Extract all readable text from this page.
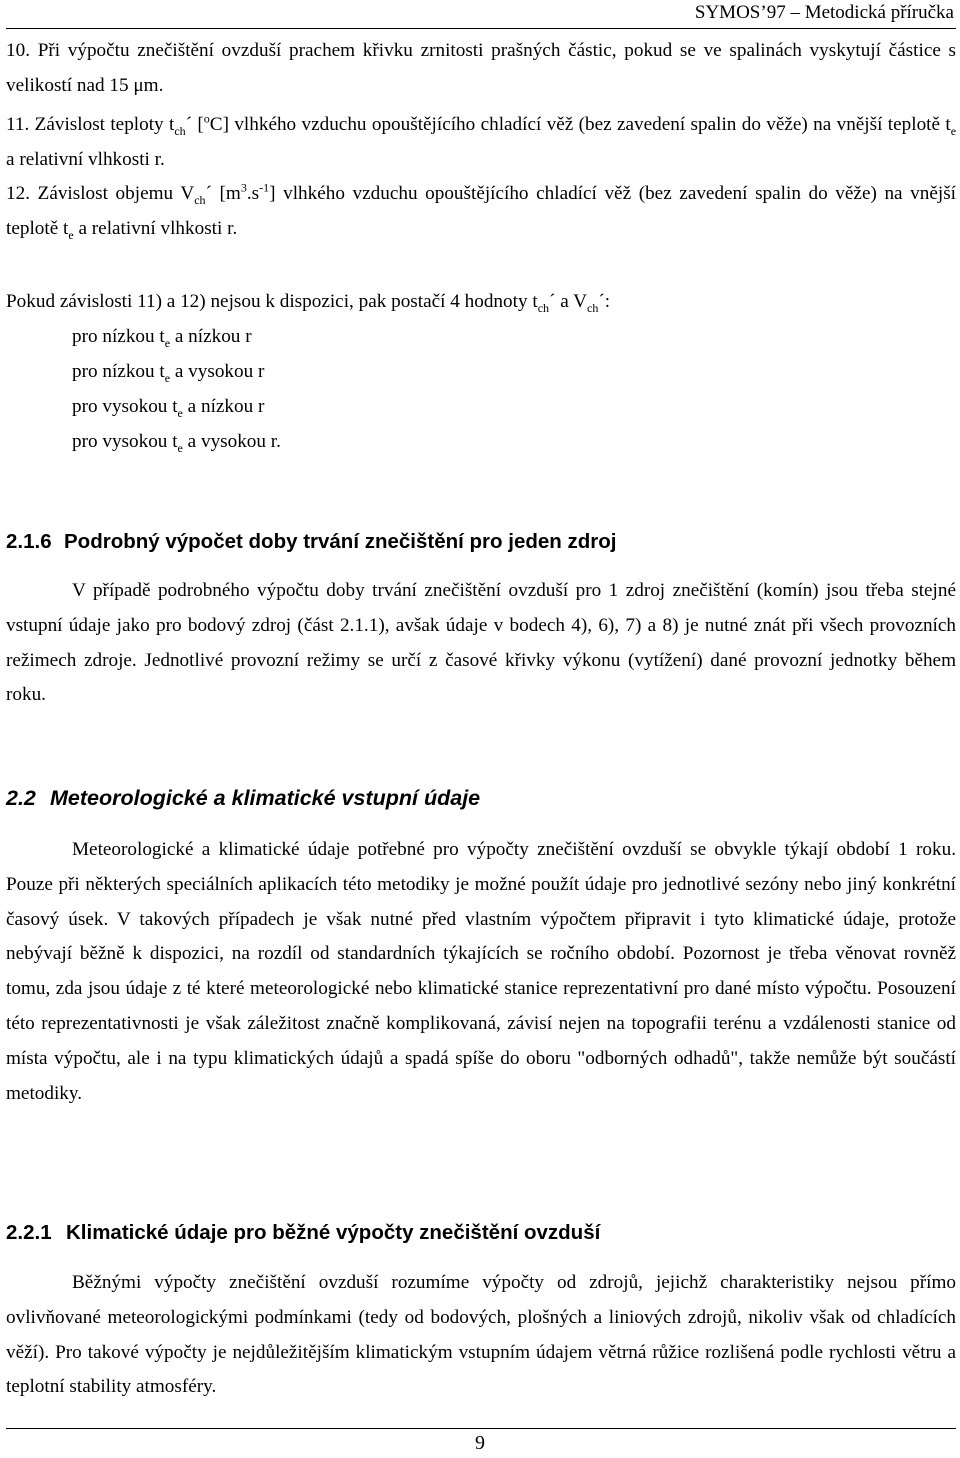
SYMOS’97 – Metodická příručka
10. Při výpočtu znečištění ovzduší prachem křivku zrnitosti prašných částic, pokud se ve spalinách vyskytují částice s velikostí nad 15 μm.
11. Závislost teploty $t_{ch}´$ [$^o$C] vlhkého vzduchu opouštějícího chladící věž (bez zavedení spalin do věže) na vnější teplotě $t_e$ a relativní vlhkosti r.
12. Závislost objemu $V_{ch}´$ $[m^3.s^{-1}]$ vlhkého vzduchu opouštějícího chladící věž (bez zavedení spalin do věže) na vnější teplotě $t_e$ a relativní vlhkosti r.
Pokud závislosti 11) a 12) nejsou k dispozici, pak postačí 4 hodnoty $t_{ch}´$ a $V_{ch}´$:
pro nízkou $t_e$ a nízkou r
pro nízkou $t_e$ a vysokou r
pro vysokou $t_e$ a nízkou r
pro vysokou $t_e$ a vysokou r.
2.1.6 Podrobný výpočet doby trvání znečištění pro jeden zdroj
V případě podrobného výpočtu doby trvání znečištění ovzduší pro 1 zdroj znečištění (komín) jsou třeba stejné vstupní údaje jako pro bodový zdroj (část 2.1.1), avšak údaje v bodech 4), 6), 7) a 8) je nutné znát při všech provozních režimech zdroje. Jednotlivé provozní režimy se určí z časové křivky výkonu (vytížení) dané provozní jednotky během roku.
2.2 Meteorologické a klimatické vstupní údaje
Meteorologické a klimatické údaje potřebné pro výpočty znečištění ovzduší se obvykle týkají období 1 roku. Pouze při některých speciálních aplikacích této metodiky je možné použít údaje pro jednotlivé sezóny nebo jiný konkrétní časový úsek. V takových případech je však nutné před vlastním výpočtem připravit i tyto klimatické údaje, protože nebývají běžně k dispozici, na rozdíl od standardních týkajících se ročního období. Pozornost je třeba věnovat rovněž tomu, zda jsou údaje z té které meteorologické nebo klimatické stanice reprezentativní pro dané místo výpočtu. Posouzení této reprezentativnosti je však záležitost značně komplikovaná, závisí nejen na topografii terénu a vzdálenosti stanice od místa výpočtu, ale i na typu klimatických údajů a spadá spíše do oboru "odborných odhadů", takže nemůže být součástí metodiky.
2.2.1 Klimatické údaje pro běžné výpočty znečištění ovzduší
Běžnými výpočty znečištění ovzduší rozumíme výpočty od zdrojů, jejichž charakteristiky nejsou přímo ovlivňované meteorologickými podmínkami (tedy od bodových, plošných a liniových zdrojů, nikoliv však od chladících věží). Pro takové výpočty je nejdůležitějším klimatickým vstupním údajem větrná růžice rozlišená podle rychlosti větru a teplotní stability atmosféry.
9
